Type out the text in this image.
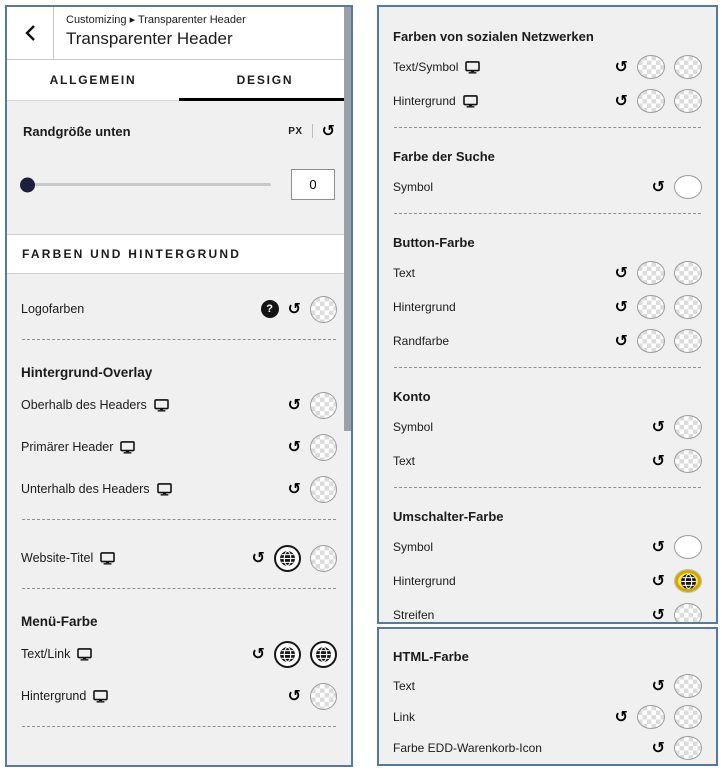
Customizing ▸ Transparenter Header
Transparenter Header
ALLGEMEIN	DESIGN
Randgröße unten	PX ↺
0
FARBEN UND HINTERGRUND
Logofarben	? ↺
Hintergrund-Overlay
Oberhalb des Headers	↺
Primärer Header	↺
Unterhalb des Headers	↺
Website-Titel	↺
Menü-Farbe
Text/Link	↺
Hintergrund	↺
Farben von sozialen Netzwerken
Text/Symbol	↺
Hintergrund	↺
Farbe der Suche
Symbol	↺
Button-Farbe
Text	↺
Hintergrund	↺
Randfarbe	↺
Konto
Symbol	↺
Text	↺
Umschalter-Farbe
Symbol	↺
Hintergrund	↺
Streifen	↺
HTML-Farbe
Text	↺
Link	↺
Farbe EDD-Warenkorb-Icon	↺
